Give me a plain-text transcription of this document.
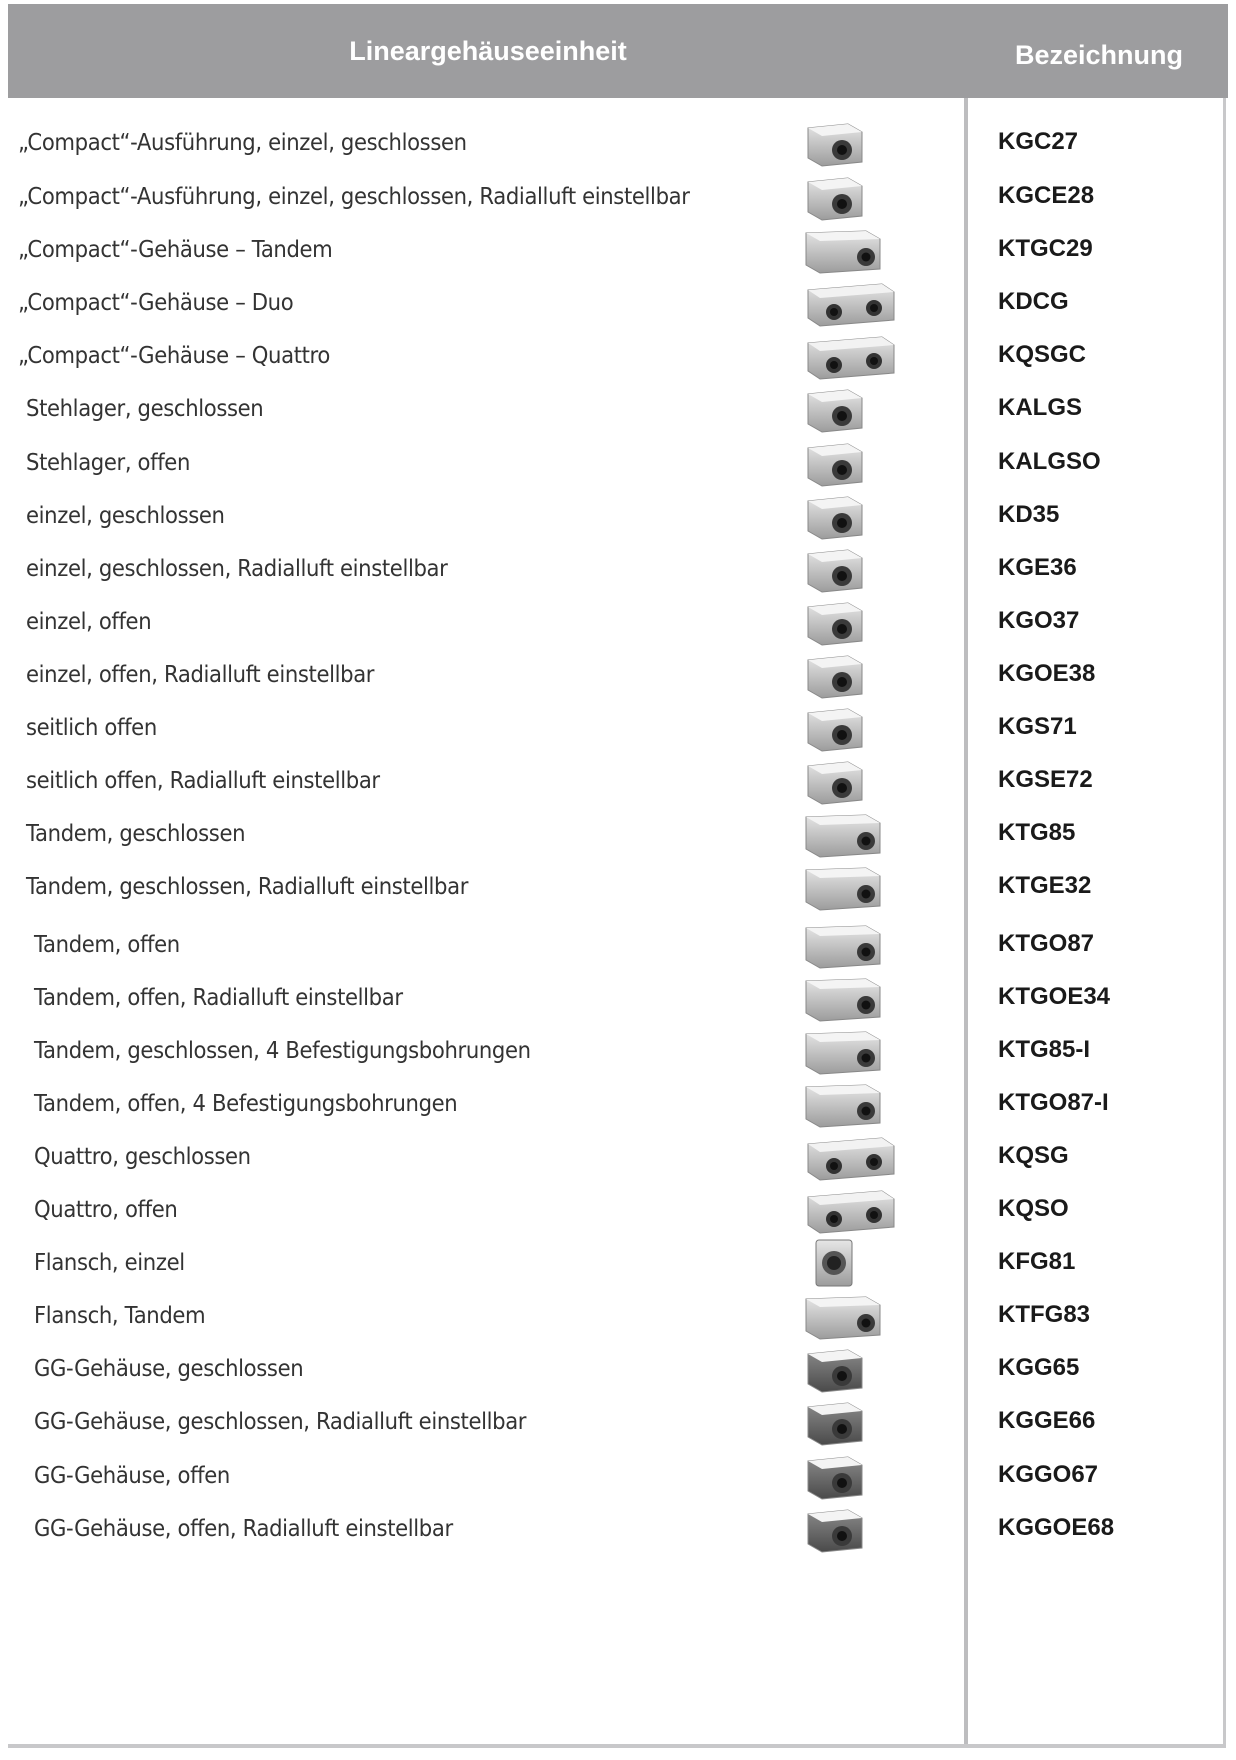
Lineargehäuseeinheit	Bezeichnung
„Compact“-Ausführung, einzel, geschlossen	KGC27
„Compact“-Ausführung, einzel, geschlossen, Radialluft einstellbar	KGCE28
„Compact“-Gehäuse – Tandem	KTGC29
„Compact“-Gehäuse – Duo	KDCG
„Compact“-Gehäuse – Quattro	KQSGC
Stehlager, geschlossen	KALGS
Stehlager, offen	KALGSO
einzel, geschlossen	KD35
einzel, geschlossen, Radialluft einstellbar	KGE36
einzel, offen	KGO37
einzel, offen, Radialluft einstellbar	KGOE38
seitlich offen	KGS71
seitlich offen, Radialluft einstellbar	KGSE72
Tandem, geschlossen	KTG85
Tandem, geschlossen, Radialluft einstellbar	KTGE32
Tandem, offen	KTGO87
Tandem, offen, Radialluft einstellbar	KTGOE34
Tandem, geschlossen, 4 Befestigungsbohrungen	KTG85-I
Tandem, offen, 4 Befestigungsbohrungen	KTGO87-I
Quattro, geschlossen	KQSG
Quattro, offen	KQSO
Flansch, einzel	KFG81
Flansch, Tandem	KTFG83
GG-Gehäuse, geschlossen	KGG65
GG-Gehäuse, geschlossen, Radialluft einstellbar	KGGE66
GG-Gehäuse, offen	KGGO67
GG-Gehäuse, offen, Radialluft einstellbar	KGGOE68
